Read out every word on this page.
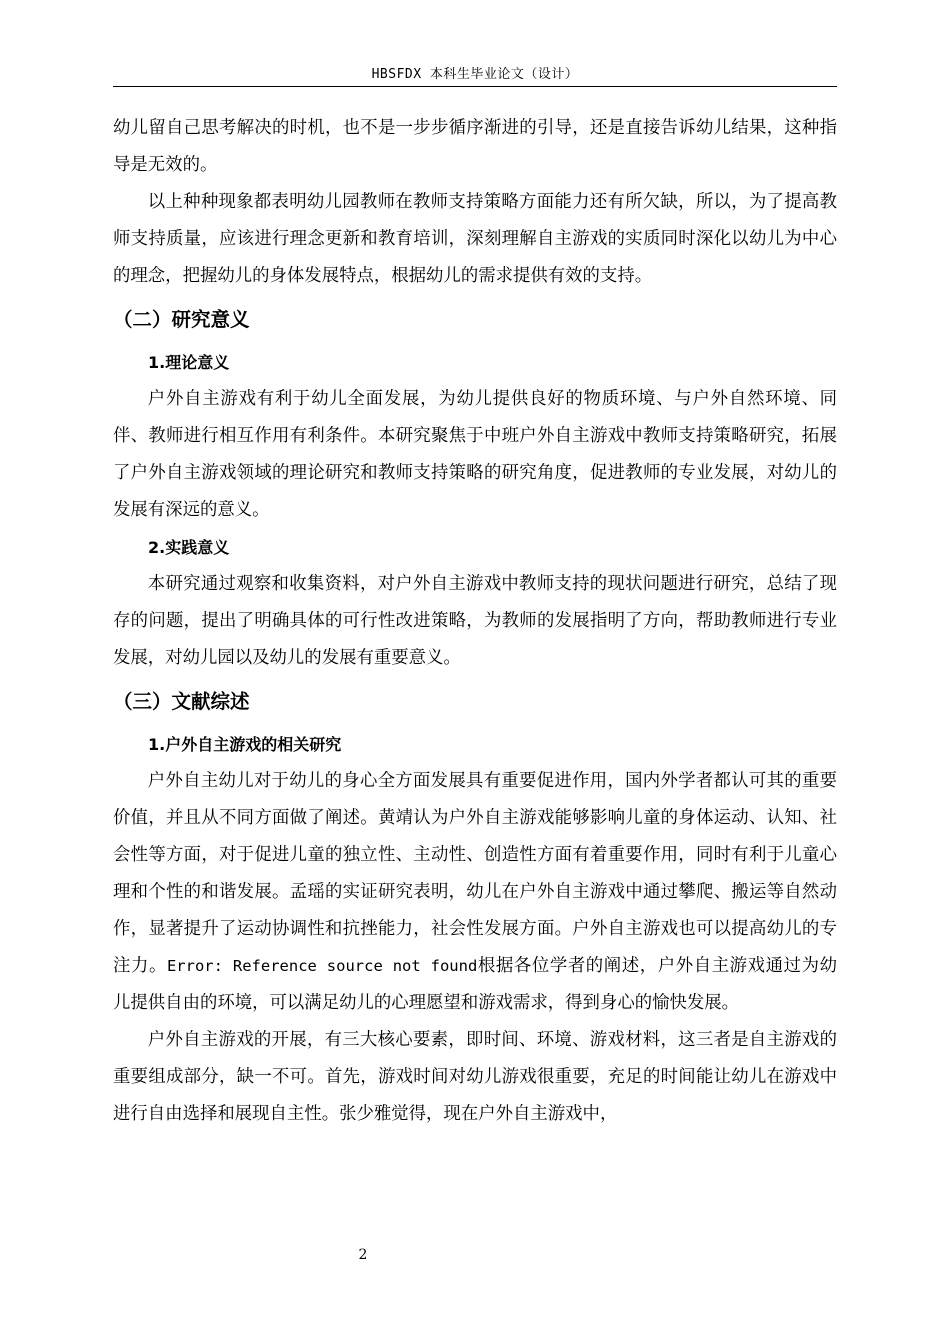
HBSFDX 本科生毕业论文（设计）

幼儿留自己思考解决的时机，也不是一步步循序渐进的引导，还是直接告诉幼儿结果，这种指导是无效的。

以上种种现象都表明幼儿园教师在教师支持策略方面能力还有所欠缺，所以，为了提高教师支持质量，应该进行理念更新和教育培训，深刻理解自主游戏的实质同时深化以幼儿为中心的理念，把握幼儿的身体发展特点，根据幼儿的需求提供有效的支持。

（二）研究意义
1.理论意义

户外自主游戏有利于幼儿全面发展，为幼儿提供良好的物质环境、与户外自然环境、同伴、教师进行相互作用有利条件。本研究聚焦于中班户外自主游戏中教师支持策略研究，拓展了户外自主游戏领域的理论研究和教师支持策略的研究角度，促进教师的专业发展，对幼儿的发展有深远的意义。

2.实践意义

本研究通过观察和收集资料，对户外自主游戏中教师支持的现状问题进行研究，总结了现存的问题，提出了明确具体的可行性改进策略，为教师的发展指明了方向，帮助教师进行专业发展，对幼儿园以及幼儿的发展有重要意义。

（三）文献综述
1.户外自主游戏的相关研究

户外自主幼儿对于幼儿的身心全方面发展具有重要促进作用，国内外学者都认可其的重要价值，并且从不同方面做了阐述。黄靖认为户外自主游戏能够影响儿童的身体运动、认知、社会性等方面，对于促进儿童的独立性、主动性、创造性方面有着重要作用，同时有利于儿童心理和个性的和谐发展。孟瑶的实证研究表明，幼儿在户外自主游戏中通过攀爬、搬运等自然动作，显著提升了运动协调性和抗挫能力，社会性发展方面。户外自主游戏也可以提高幼儿的专注力。Error: Reference source not found根据各位学者的阐述，户外自主游戏通过为幼儿提供自由的环境，可以满足幼儿的心理愿望和游戏需求，得到身心的愉快发展。

户外自主游戏的开展，有三大核心要素，即时间、环境、游戏材料，这三者是自主游戏的重要组成部分，缺一不可。首先，游戏时间对幼儿游戏很重要，充足的时间能让幼儿在游戏中进行自由选择和展现自主性。张少雅觉得，现在户外自主游戏中，

2
